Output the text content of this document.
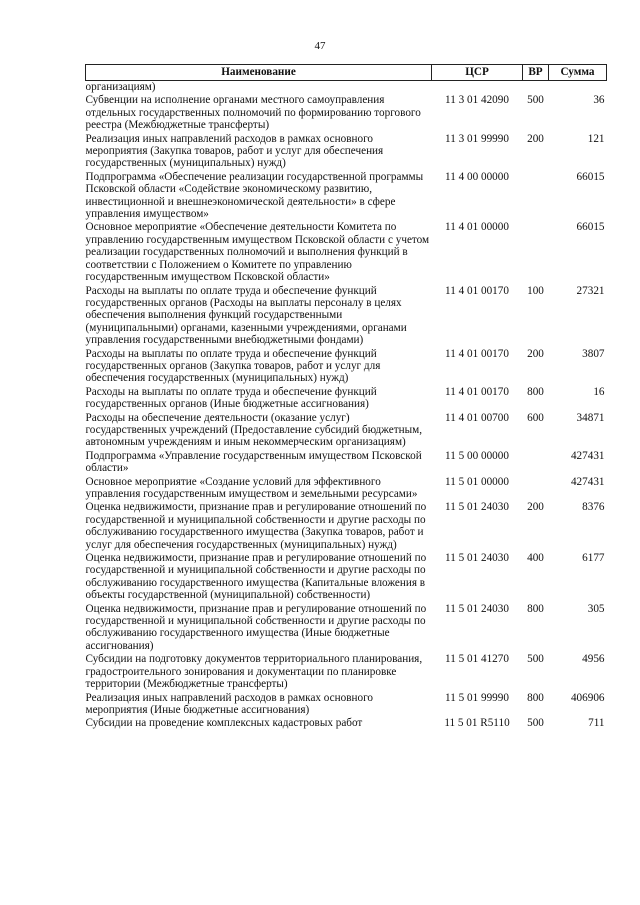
47
Наименование	ЦСР	ВР	Сумма
организациям)			
Субвенции на исполнение органами местного самоуправления отдельных государственных полномочий по формированию торгового реестра (Межбюджетные трансферты)	11 3 01 42090	500	36
Реализация иных направлений расходов в рамках основного мероприятия (Закупка товаров, работ и услуг для обеспечения государственных (муниципальных) нужд)	11 3 01 99990	200	121
Подпрограмма «Обеспечение реализации государственной программы Псковской области «Содействие экономическому развитию, инвестиционной и внешнеэкономической деятельности» в сфере управления имуществом»	11 4 00 00000		66015
Основное мероприятие «Обеспечение деятельности Комитета по управлению государственным имуществом Псковской области с учетом реализации государственных полномочий и выполнения функций в соответствии с Положением о Комитете по управлению государственным имуществом Псковской области»	11 4 01 00000		66015
Расходы на выплаты по оплате труда и обеспечение функций государственных органов (Расходы на выплаты персоналу в целях обеспечения выполнения функций государственными (муниципальными) органами, казенными учреждениями, органами управления государственными внебюджетными фондами)	11 4 01 00170	100	27321
Расходы на выплаты по оплате труда и обеспечение функций государственных органов (Закупка товаров, работ и услуг для обеспечения государственных (муниципальных) нужд)	11 4 01 00170	200	3807
Расходы на выплаты по оплате труда и обеспечение функций государственных органов (Иные бюджетные ассигнования)	11 4 01 00170	800	16
Расходы на обеспечение деятельности (оказание услуг) государственных учреждений (Предоставление субсидий бюджетным, автономным учреждениям и иным некоммерческим организациям)	11 4 01 00700	600	34871
Подпрограмма «Управление государственным имуществом Псковской области»	11 5 00 00000		427431
Основное мероприятие «Создание условий для эффективного управления государственным имуществом и земельными ресурсами»	11 5 01 00000		427431
Оценка недвижимости, признание прав и регулирование отношений по государственной и муниципальной собственности и другие расходы по обслуживанию государственного имущества (Закупка товаров, работ и услуг для обеспечения государственных (муниципальных) нужд)	11 5 01 24030	200	8376
Оценка недвижимости, признание прав и регулирование отношений по государственной и муниципальной собственности и другие расходы по обслуживанию государственного имущества (Капитальные вложения в объекты государственной (муниципальной) собственности)	11 5 01 24030	400	6177
Оценка недвижимости, признание прав и регулирование отношений по государственной и муниципальной собственности и другие расходы по обслуживанию государственного имущества (Иные бюджетные ассигнования)	11 5 01 24030	800	305
Субсидии на подготовку документов территориального планирования, градостроительного зонирования и документации по планировке территории (Межбюджетные трансферты)	11 5 01 41270	500	4956
Реализация иных направлений расходов в рамках основного мероприятия (Иные бюджетные ассигнования)	11 5 01 99990	800	406906
Субсидии на проведение комплексных кадастровых работ	11 5 01 R5110	500	711
